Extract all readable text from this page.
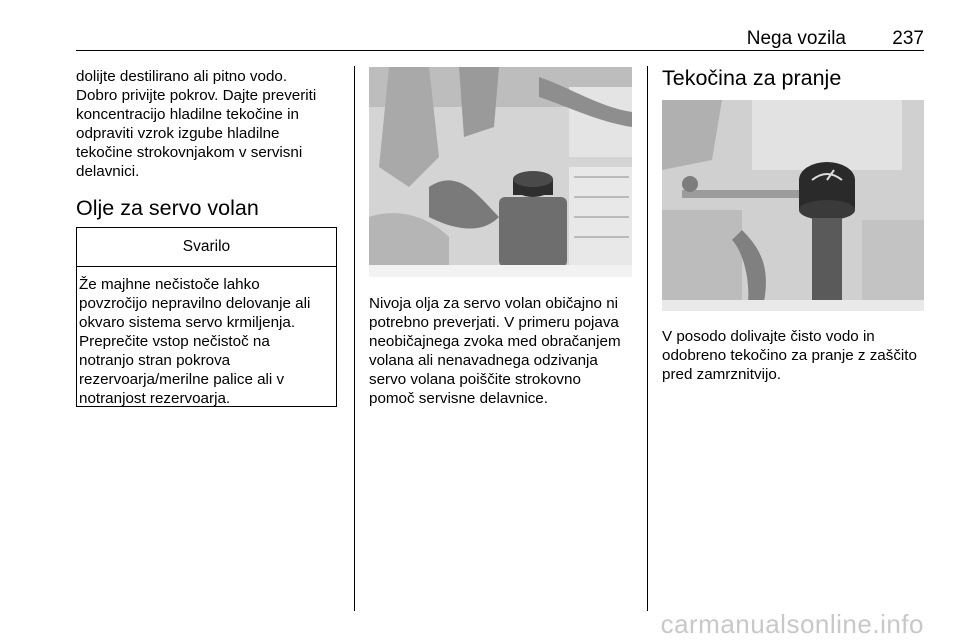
Nega vozila 237

dolijte destilirano ali pitno vodo.
Dobro privijte pokrov. Dajte preveriti
koncentracijo hladilne tekočine in
odpraviti vzrok izgube hladilne
tekočine strokovnjakom v servisni
delavnici.

Olje za servo volan
Svarilo
Že majhne nečistoče lahko
povzročijo nepravilno delovanje ali
okvaro sistema servo krmiljenja.
Preprečite vstop nečistoč na
notranjo stran pokrova
rezervoarja/merilne palice ali v
notranjost rezervoarja.

Nivoja olja za servo volan običajno ni
potrebno preverjati. V primeru pojava
neobičajnega zvoka med obračanjem
volana ali nenavadnega odzivanja
servo volana poiščite strokovno
pomoč servisne delavnice.

Tekočina za pranje

V posodo dolivajte čisto vodo in
odobreno tekočino za pranje z zaščito
pred zamrznitvijo.

carmanualsonline.info
